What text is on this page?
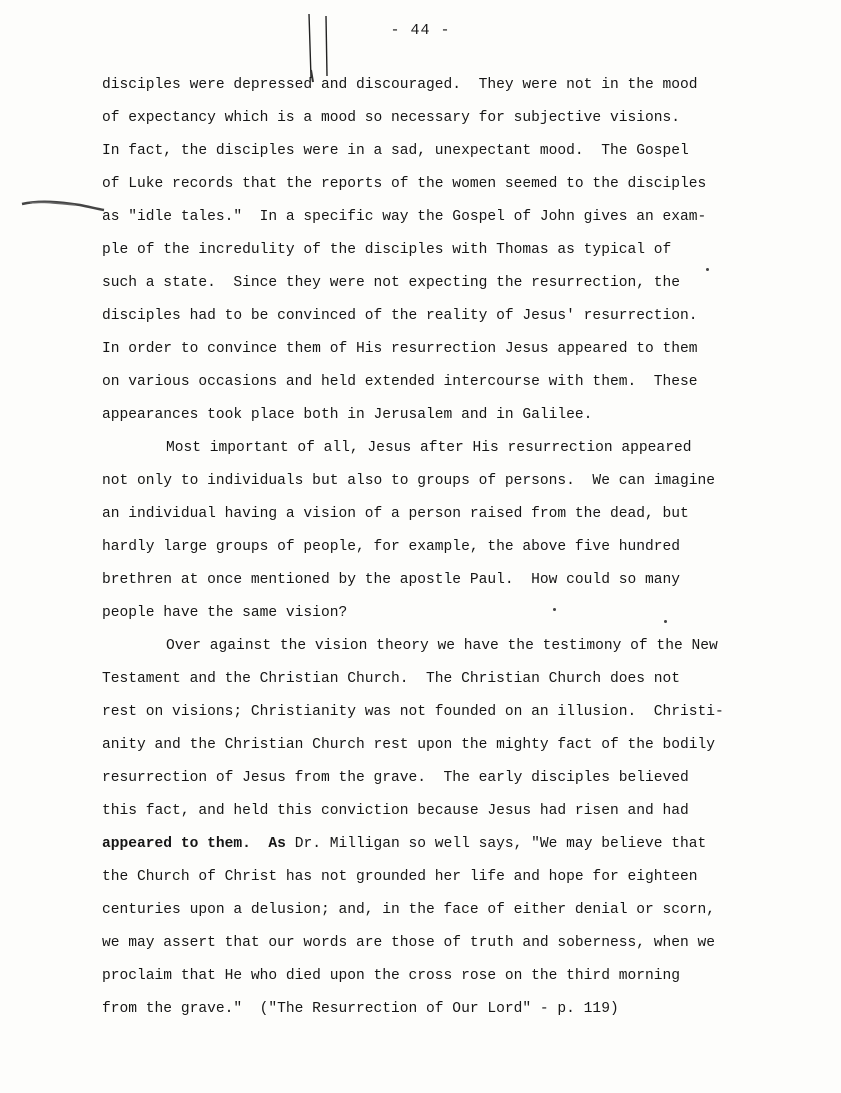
- 44 -
disciples were depressed and discouraged.  They were not in the mood
of expectancy which is a mood so necessary for subjective visions.
In fact, the disciples were in a sad, unexpectant mood.  The Gospel
of Luke records that the reports of the women seemed to the disciples
as "idle tales."  In a specific way the Gospel of John gives an exam-
ple of the incredulity of the disciples with Thomas as typical of
such a state.  Since they were not expecting the resurrection, the
disciples had to be convinced of the reality of Jesus' resurrection.
In order to convince them of His resurrection Jesus appeared to them
on various occasions and held extended intercourse with them.  These
appearances took place both in Jerusalem and in Galilee.
Most important of all, Jesus after His resurrection appeared
not only to individuals but also to groups of persons.  We can imagine
an individual having a vision of a person raised from the dead, but
hardly large groups of people, for example, the above five hundred
brethren at once mentioned by the apostle Paul.  How could so many
people have the same vision?
Over against the vision theory we have the testimony of the New
Testament and the Christian Church.  The Christian Church does not
rest on visions; Christianity was not founded on an illusion.  Christi-
anity and the Christian Church rest upon the mighty fact of the bodily
resurrection of Jesus from the grave.  The early disciples believed
this fact, and held this conviction because Jesus had risen and had
appeared to them.  As Dr. Milligan so well says, "We may believe that
the Church of Christ has not grounded her life and hope for eighteen
centuries upon a delusion; and, in the face of either denial or scorn,
we may assert that our words are those of truth and soberness, when we
proclaim that He who died upon the cross rose on the third morning
from the grave."  ("The Resurrection of Our Lord" - p. 119)
